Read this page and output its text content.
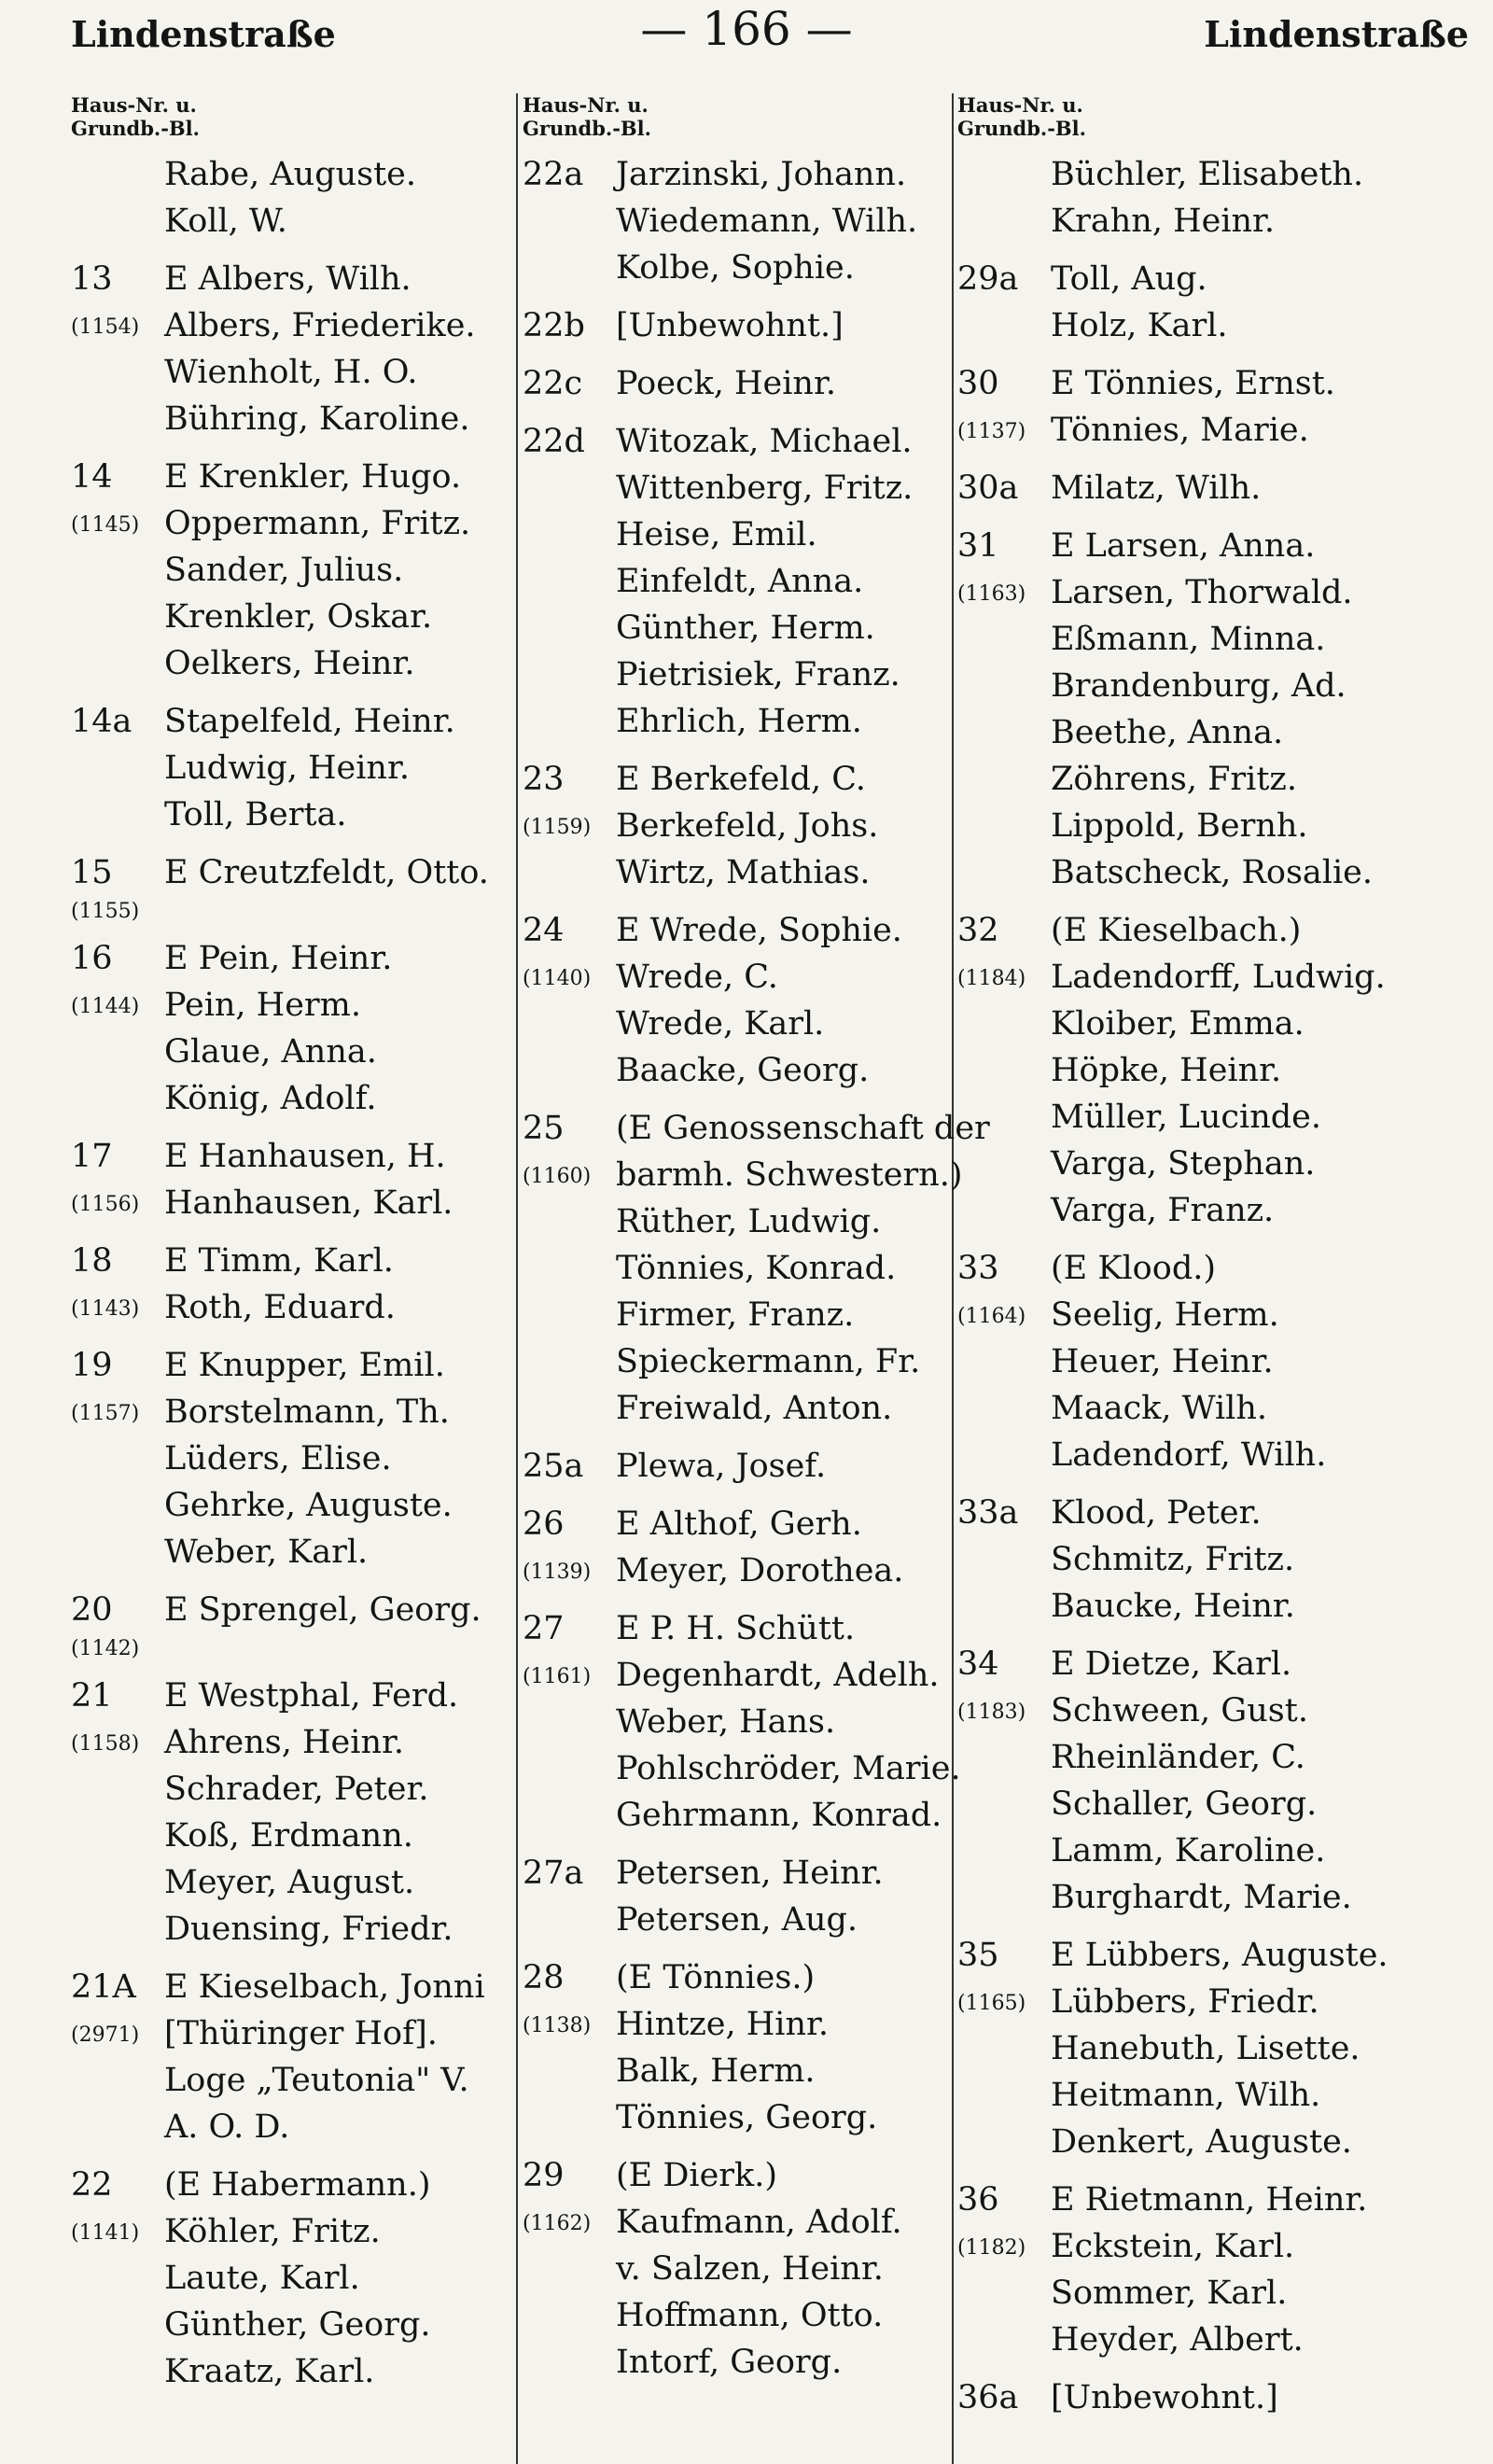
Lindenstraße	— 166 —	Lindenstraße
Haus-Nr. u.
Grundb.-Bl.
Rabe, Auguste.
Koll, W.
13 E Albers, Wilh.
(1154) Albers, Friederike.
Wienholt, H. O.
Bühring, Karoline.
14 E Krenkler, Hugo.
(1145) Oppermann, Fritz.
Sander, Julius.
Krenkler, Oskar.
Oelkers, Heinr.
14a Stapelfeld, Heinr.
Ludwig, Heinr.
Toll, Berta.
15 E Creutzfeldt, Otto.
(1155)
16 E Pein, Heinr.
(1144) Pein, Herm.
Glaue, Anna.
König, Adolf.
17 E Hanhausen, H.
(1156) Hanhausen, Karl.
18 E Timm, Karl.
(1143) Roth, Eduard.
19 E Knupper, Emil.
(1157) Borstelmann, Th.
Lüders, Elise.
Gehrke, Auguste.
Weber, Karl.
20 E Sprengel, Georg.
(1142)
21 E Westphal, Ferd.
(1158) Ahrens, Heinr.
Schrader, Peter.
Koß, Erdmann.
Meyer, August.
Duensing, Friedr.
21A E Kieselbach, Jonni
(2971) [Thüringer Hof].
Loge „Teutonia" V.
A. O. D.
22 (E Habermann.)
(1141) Köhler, Fritz.
Laute, Karl.
Günther, Georg.
Kraatz, Karl.
Haus-Nr. u.
Grundb.-Bl.
22a Jarzinski, Johann.
Wiedemann, Wilh.
Kolbe, Sophie.
22b [Unbewohnt.]
22c Poeck, Heinr.
22d Witozak, Michael.
Wittenberg, Fritz.
Heise, Emil.
Einfeldt, Anna.
Günther, Herm.
Pietrisiek, Franz.
Ehrlich, Herm.
23 E Berkefeld, C.
(1159) Berkefeld, Johs.
Wirtz, Mathias.
24 E Wrede, Sophie.
(1140) Wrede, C.
Wrede, Karl.
Baacke, Georg.
25 (E Genossenschaft der
(1160) barmh. Schwestern.)
Rüther, Ludwig.
Tönnies, Konrad.
Firmer, Franz.
Spieckermann, Fr.
Freiwald, Anton.
25a Plewa, Josef.
26 E Althof, Gerh.
(1139) Meyer, Dorothea.
27 E P. H. Schütt.
(1161) Degenhardt, Adelh.
Weber, Hans.
Pohlschröder, Marie.
Gehrmann, Konrad.
27a Petersen, Heinr.
Petersen, Aug.
28 (E Tönnies.)
(1138) Hintze, Hinr.
Balk, Herm.
Tönnies, Georg.
29 (E Dierk.)
(1162) Kaufmann, Adolf.
v. Salzen, Heinr.
Hoffmann, Otto.
Intorf, Georg.
Haus-Nr. u.
Grundb.-Bl.
Büchler, Elisabeth.
Krahn, Heinr.
29a Toll, Aug.
Holz, Karl.
30 E Tönnies, Ernst.
(1137) Tönnies, Marie.
30a Milatz, Wilh.
31 E Larsen, Anna.
(1163) Larsen, Thorwald.
Eßmann, Minna.
Brandenburg, Ad.
Beethe, Anna.
Zöhrens, Fritz.
Lippold, Bernh.
Batscheck, Rosalie.
32 (E Kieselbach.)
(1184) Ladendorff, Ludwig.
Kloiber, Emma.
Höpke, Heinr.
Müller, Lucinde.
Varga, Stephan.
Varga, Franz.
33 (E Klood.)
(1164) Seelig, Herm.
Heuer, Heinr.
Maack, Wilh.
Ladendorf, Wilh.
33a Klood, Peter.
Schmitz, Fritz.
Baucke, Heinr.
34 E Dietze, Karl.
(1183) Schween, Gust.
Rheinländer, C.
Schaller, Georg.
Lamm, Karoline.
Burghardt, Marie.
35 E Lübbers, Auguste.
(1165) Lübbers, Friedr.
Hanebuth, Lisette.
Heitmann, Wilh.
Denkert, Auguste.
36 E Rietmann, Heinr.
(1182) Eckstein, Karl.
Sommer, Karl.
Heyder, Albert.
36a [Unbewohnt.]
